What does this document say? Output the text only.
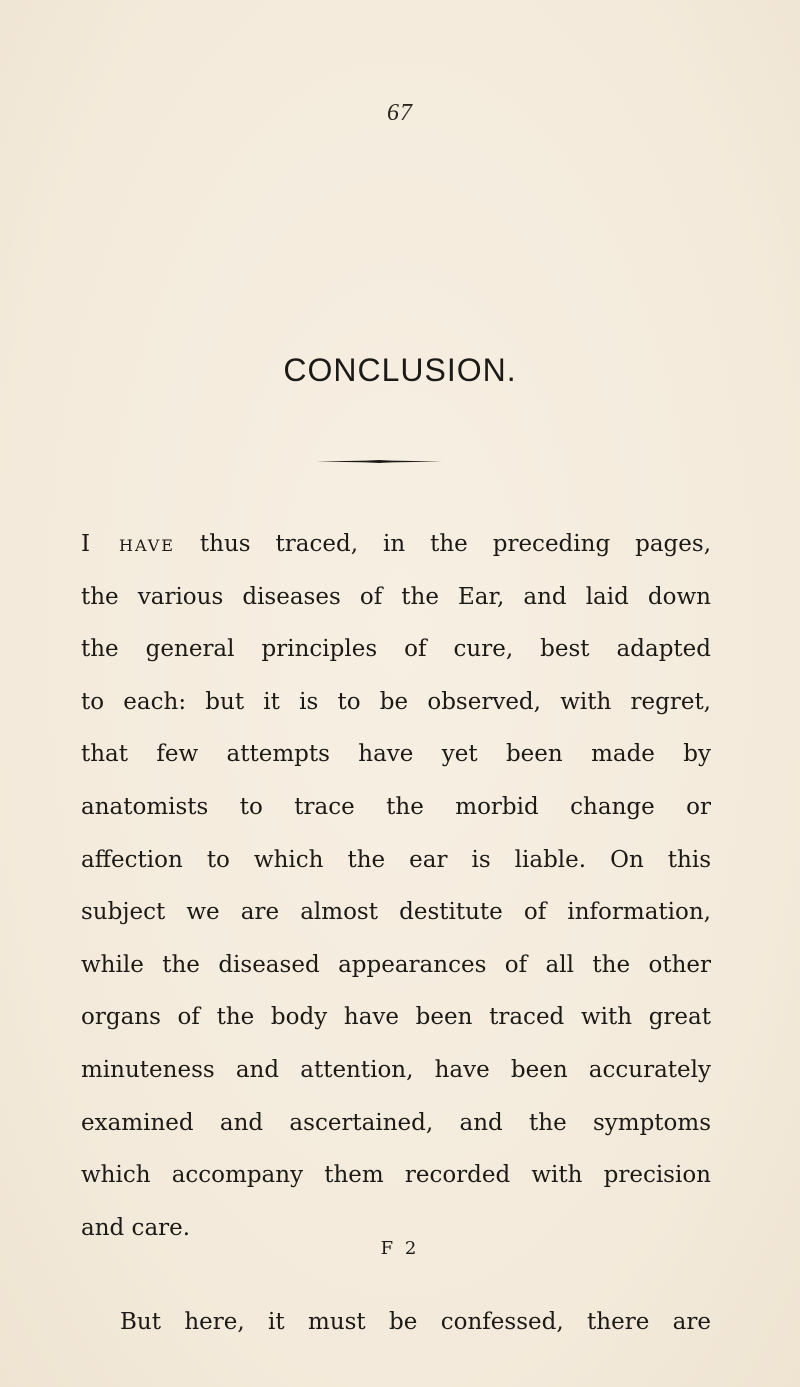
67
CONCLUSION.
I have thus traced, in the preceding pages,
the various diseases of the Ear, and laid down
the general principles of cure, best adapted
to each: but it is to be observed, with regret,
that few attempts have yet been made by
anatomists to trace the morbid change or
affection to which the ear is liable. On this
subject we are almost destitute of information,
while the diseased appearances of all the other
organs of the body have been traced with great
minuteness and attention, have been accurately
examined and ascertained, and the symptoms
which accompany them recorded with precision
and care.
But here, it must be confessed, there are
F 2
